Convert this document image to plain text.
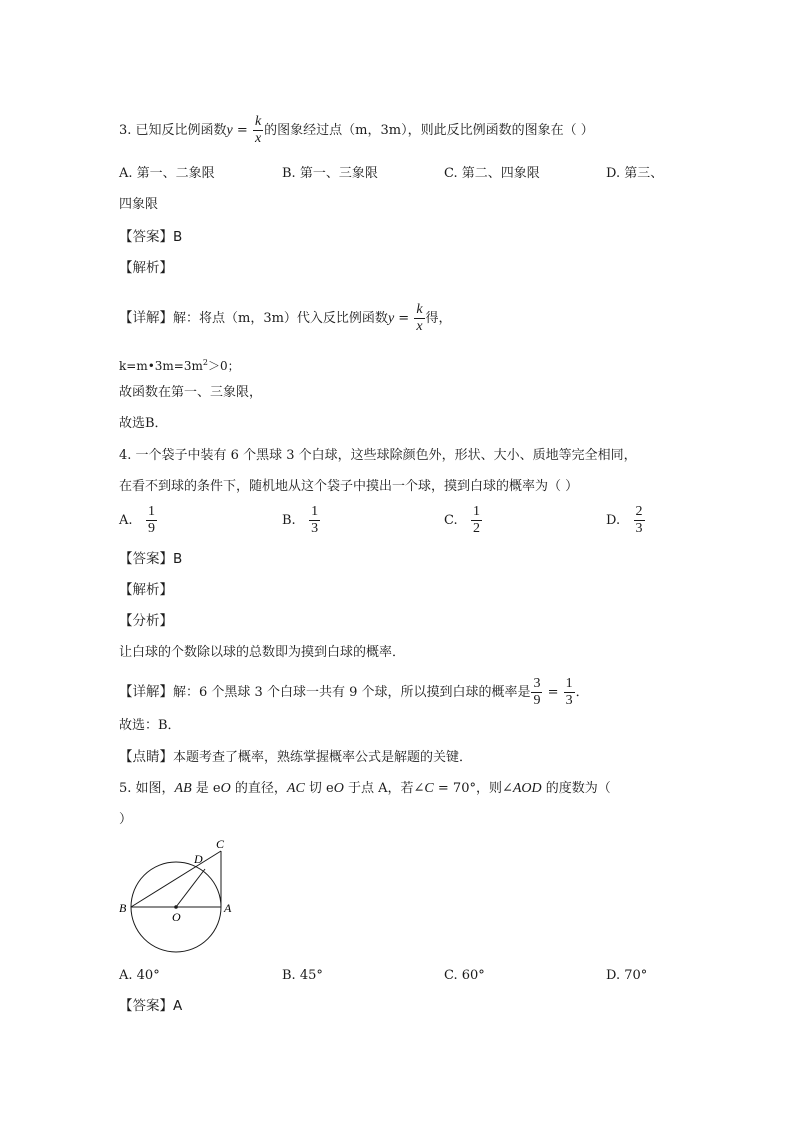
3. 已知反比例函数$y = \frac{k}{x}$ 的图象经过点（m，3m），则此反比例函数的图象在（ ）
A. 第一、二象限	B. 第一、三象限	C. 第二、四象限	D. 第三、
四象限
【答案】B
【解析】
【详解】解：将点（m，3m）代入反比例函数$y = \frac{k}{x}$ 得，
$k=m•3m=3m^2>0$；
故函数在第一、三象限，
故选B．
4. 一个袋子中装有 6 个黑球 3 个白球，这些球除颜色外，形状、大小、质地等完全相同，
在看不到球的条件下，随机地从这个袋子中摸出一个球，摸到白球的概率为（ ）
A. $\frac{1}{9}$	B. $\frac{1}{3}$	C. $\frac{1}{2}$	D. $\frac{2}{3}$
【答案】B
【解析】
【分析】
让白球的个数除以球的总数即为摸到白球的概率．
【详解】解：6 个黑球 3 个白球一共有 9 个球，所以摸到白球的概率是 $\frac{3}{9} = \frac{1}{3}$ ．
故选：B．
【点睛】本题考查了概率，熟练掌握概率公式是解题的关键．
5. 如图，AB 是 eO 的直径，AC 切 eO 于点 A，若∠C = 70°，则∠AOD 的度数为（
）
B	A
C
D
O
A. 40°	B. 45°	C. 60°	D. 70°
【答案】A
